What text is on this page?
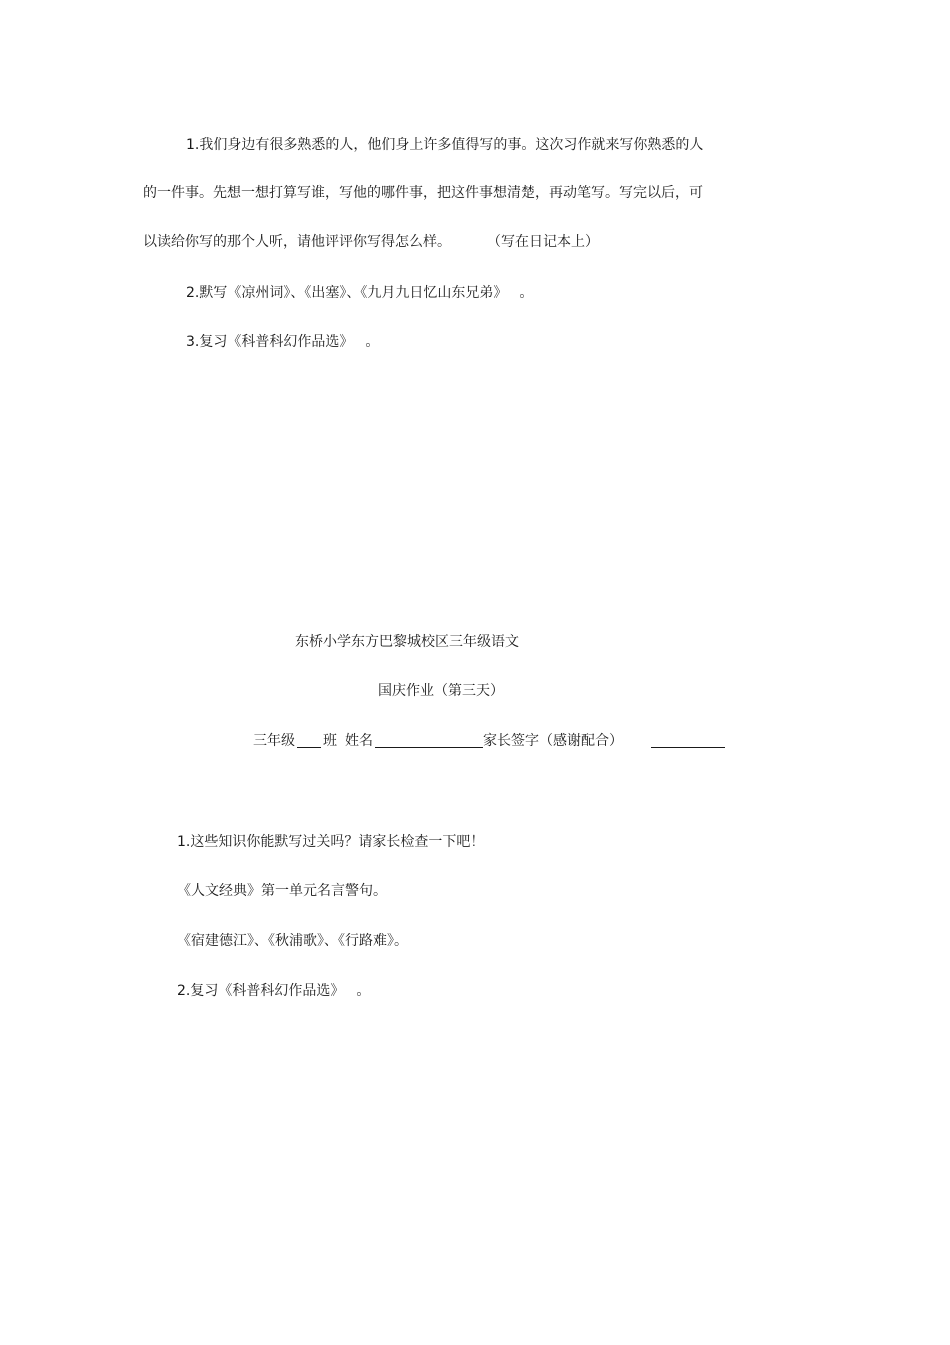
1.我们身边有很多熟悉的人，他们身上许多值得写的事。这次习作就来写你熟悉的人
的一件事。先想一想打算写谁，写他的哪件事，把这件事想清楚，再动笔写。写完以后，可
以读给你写的那个人听，请他评评你写得怎么样。	（写在日记本上）
2.默写《凉州词》、《出塞》、《九月九日忆山东兄弟》 。
3.复习《科普科幻作品选》 。
东桥小学东方巴黎城校区三年级语文
国庆作业（第三天）
三年级 班 姓名	家长签字（感谢配合）
1.这些知识你能默写过关吗？请家长检查一下吧！
《人文经典》第一单元名言警句。
《宿建德江》、《秋浦歌》、《行路难》。
2.复习《科普科幻作品选》 。
